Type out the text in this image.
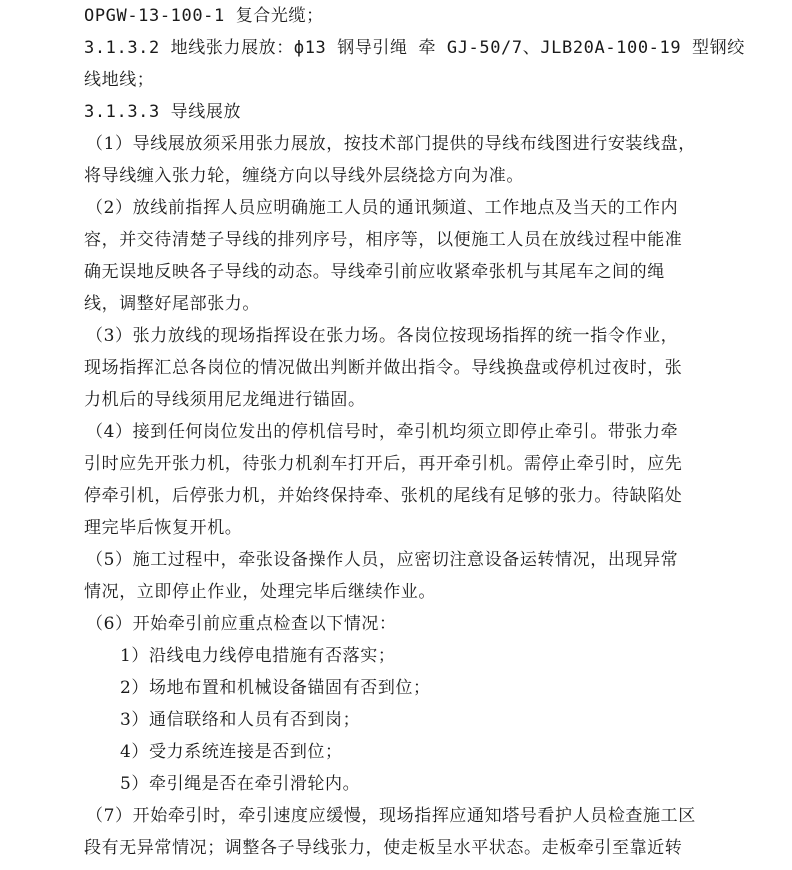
OPGW-13-100-1 复合光缆；
3.1.3.2 地线张力展放：ф13 钢导引绳 牵 GJ-50/7、JLB20A-100-19 型钢绞
线地线；
3.1.3.3 导线展放
（1）导线展放须采用张力展放，按技术部门提供的导线布线图进行安装线盘，
将导线缠入张力轮，缠绕方向以导线外层绕捻方向为准。
（2）放线前指挥人员应明确施工人员的通讯频道、工作地点及当天的工作内
容，并交待清楚子导线的排列序号，相序等，以便施工人员在放线过程中能准
确无误地反映各子导线的动态。导线牵引前应收紧牵张机与其尾车之间的绳
线，调整好尾部张力。
（3）张力放线的现场指挥设在张力场。各岗位按现场指挥的统一指令作业，
现场指挥汇总各岗位的情况做出判断并做出指令。导线换盘或停机过夜时，张
力机后的导线须用尼龙绳进行锚固。
（4）接到任何岗位发出的停机信号时，牵引机均须立即停止牵引。带张力牵
引时应先开张力机，待张力机刹车打开后，再开牵引机。需停止牵引时，应先
停牵引机，后停张力机，并始终保持牵、张机的尾线有足够的张力。待缺陷处
理完毕后恢复开机。
（5）施工过程中，牵张设备操作人员，应密切注意设备运转情况，出现异常
情况，立即停止作业，处理完毕后继续作业。
（6）开始牵引前应重点检查以下情况：
1）沿线电力线停电措施有否落实；
2）场地布置和机械设备锚固有否到位；
3）通信联络和人员有否到岗；
4）受力系统连接是否到位；
5）牵引绳是否在牵引滑轮内。
（7）开始牵引时，牵引速度应缓慢，现场指挥应通知塔号看护人员检查施工区
段有无异常情况；调整各子导线张力，使走板呈水平状态。走板牵引至靠近转
